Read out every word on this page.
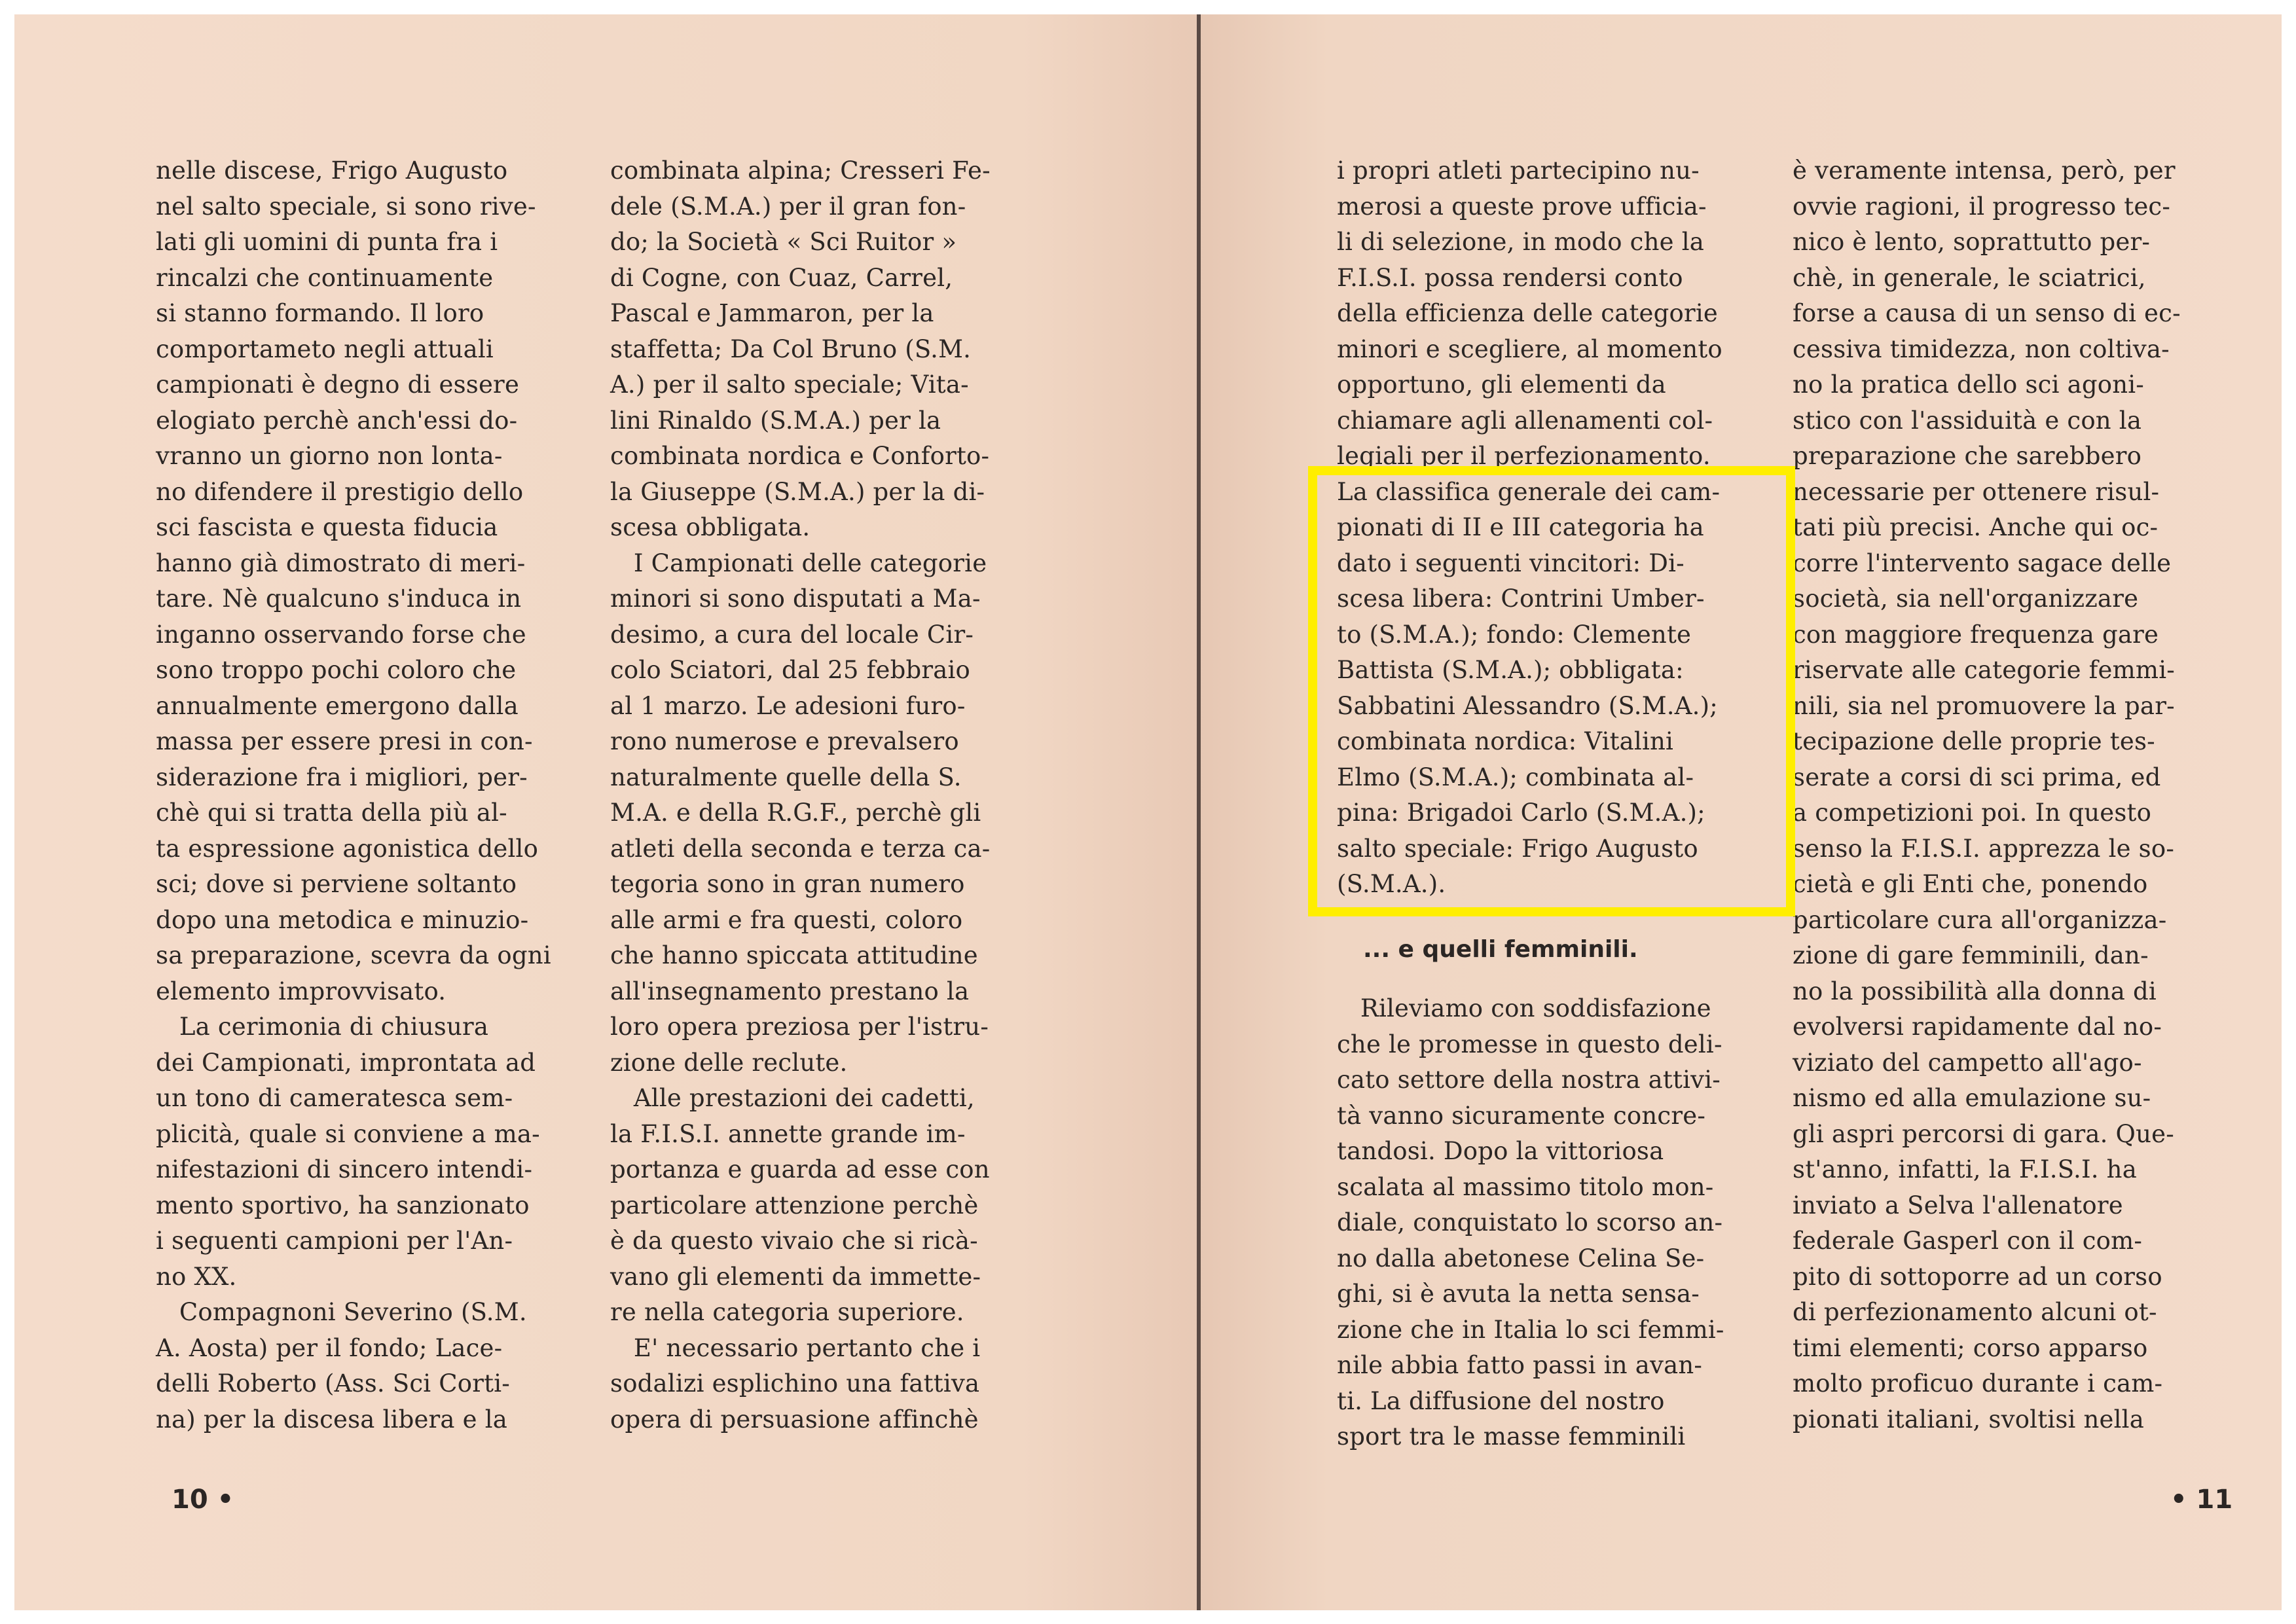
nelle discese, Frigo Augusto
nel salto speciale, si sono rive-
lati gli uomini di punta fra i
rincalzi che continuamente
si stanno formando. Il loro
comportameto negli attuali
campionati è degno di essere
elogiato perchè anch'essi do-
vranno un giorno non lonta-
no difendere il prestigio dello
sci fascista e questa fiducia
hanno già dimostrato di meri-
tare. Nè qualcuno s'induca in
inganno osservando forse che
sono troppo pochi coloro che
annualmente emergono dalla
massa per essere presi in con-
siderazione fra i migliori, per-
chè qui si tratta della più al-
ta espressione agonistica dello
sci; dove si perviene soltanto
dopo una metodica e minuzio-
sa preparazione, scevra da ogni
elemento improvvisato.
La cerimonia di chiusura
dei Campionati, improntata ad
un tono di cameratesca sem-
plicità, quale si conviene a ma-
nifestazioni di sincero intendi-
mento sportivo, ha sanzionato
i seguenti campioni per l'An-
no XX.
Compagnoni Severino (S.M.
A. Aosta) per il fondo; Lace-
delli Roberto (Ass. Sci Corti-
na) per la discesa libera e la
combinata alpina; Cresseri Fe-
dele (S.M.A.) per il gran fon-
do; la Società « Sci Ruitor »
di Cogne, con Cuaz, Carrel,
Pascal e Jammaron, per la
staffetta; Da Col Bruno (S.M.
A.) per il salto speciale; Vita-
lini Rinaldo (S.M.A.) per la
combinata nordica e Conforto-
la Giuseppe (S.M.A.) per la di-
scesa obbligata.
I Campionati delle categorie
minori si sono disputati a Ma-
desimo, a cura del locale Cir-
colo Sciatori, dal 25 febbraio
al 1 marzo. Le adesioni furo-
rono numerose e prevalsero
naturalmente quelle della S.
M.A. e della R.G.F., perchè gli
atleti della seconda e terza ca-
tegoria sono in gran numero
alle armi e fra questi, coloro
che hanno spiccata attitudine
all'insegnamento prestano la
loro opera preziosa per l'istru-
zione delle reclute.
Alle prestazioni dei cadetti,
la F.I.S.I. annette grande im-
portanza e guarda ad esse con
particolare attenzione perchè
è da questo vivaio che si ricà-
vano gli elementi da immette-
re nella categoria superiore.
E' necessario pertanto che i
sodalizi esplichino una fattiva
opera di persuasione affinchè
i propri atleti partecipino nu-
merosi a queste prove ufficia-
li di selezione, in modo che la
F.I.S.I. possa rendersi conto
della efficienza delle categorie
minori e scegliere, al momento
opportuno, gli elementi da
chiamare agli allenamenti col-
legiali per il perfezionamento.
La classifica generale dei cam-
pionati di II e III categoria ha
dato i seguenti vincitori: Di-
scesa libera: Contrini Umber-
to (S.M.A.); fondo: Clemente
Battista (S.M.A.); obbligata:
Sabbatini Alessandro (S.M.A.);
combinata nordica: Vitalini
Elmo (S.M.A.); combinata al-
pina: Brigadoi Carlo (S.M.A.);
salto speciale: Frigo Augusto
(S.M.A.).
... e quelli femminili.
Rileviamo con soddisfazione
che le promesse in questo deli-
cato settore della nostra attivi-
tà vanno sicuramente concre-
tandosi. Dopo la vittoriosa
scalata al massimo titolo mon-
diale, conquistato lo scorso an-
no dalla abetonese Celina Se-
ghi, si è avuta la netta sensa-
zione che in Italia lo sci femmi-
nile abbia fatto passi in avan-
ti. La diffusione del nostro
sport tra le masse femminili
è veramente intensa, però, per
ovvie ragioni, il progresso tec-
nico è lento, soprattutto per-
chè, in generale, le sciatrici,
forse a causa di un senso di ec-
cessiva timidezza, non coltiva-
no la pratica dello sci agoni-
stico con l'assiduità e con la
preparazione che sarebbero
necessarie per ottenere risul-
tati più precisi. Anche qui oc-
corre l'intervento sagace delle
società, sia nell'organizzare
con maggiore frequenza gare
riservate alle categorie femmi-
nili, sia nel promuovere la par-
tecipazione delle proprie tes-
serate a corsi di sci prima, ed
a competizioni poi. In questo
senso la F.I.S.I. apprezza le so-
cietà e gli Enti che, ponendo
particolare cura all'organizza-
zione di gare femminili, dan-
no la possibilità alla donna di
evolversi rapidamente dal no-
viziato del campetto all'ago-
nismo ed alla emulazione su-
gli aspri percorsi di gara. Que-
st'anno, infatti, la F.I.S.I. ha
inviato a Selva l'allenatore
federale Gasperl con il com-
pito di sottoporre ad un corso
di perfezionamento alcuni ot-
timi elementi; corso apparso
molto proficuo durante i cam-
pionati italiani, svoltisi nella
10 •	• 11
